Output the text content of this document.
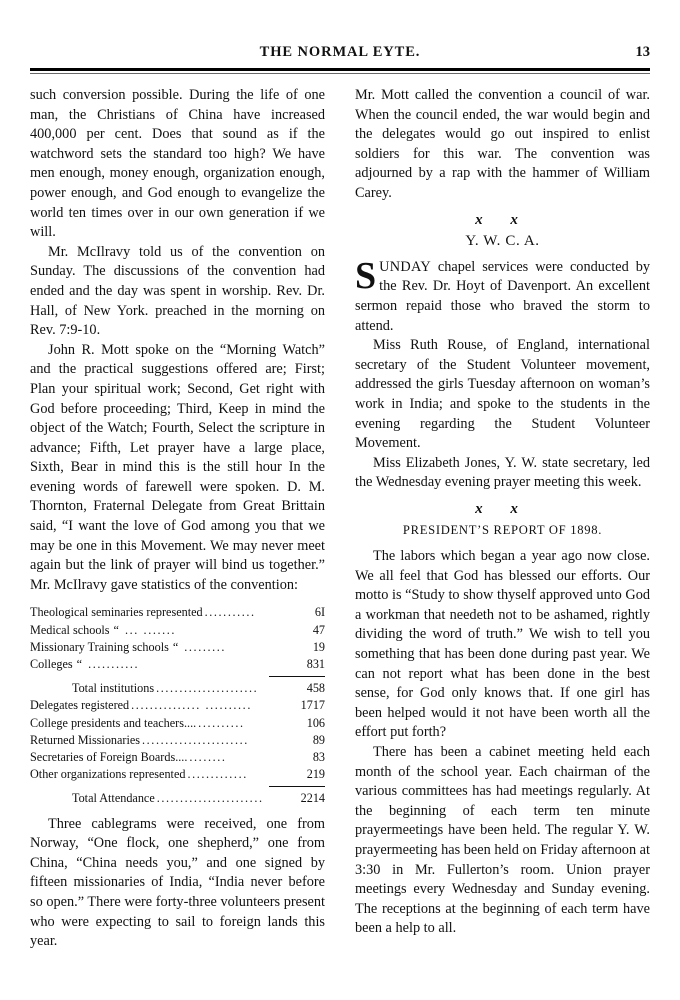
THE NORMAL EYTE.	13

such conversion possible. During the life of one man, the Christians of China have increased 400,000 per cent. Does that sound as if the watchword sets the standard too high? We have men enough, money enough, organization enough, power enough, and God enough to evangelize the world ten times over in our own generation if we will.

Mr. McIlravy told us of the convention on Sunday. The discussions of the convention had ended and the day was spent in worship. Rev. Dr. Hall, of New York. preached in the morning on Rev. 7:9-10.

John R. Mott spoke on the “Morning Watch” and the practical suggestions offered are; First; Plan your spiritual work; Second, Get right with God before proceeding; Third, Keep in mind the object of the Watch; Fourth, Select the scripture in advance; Fifth, Let prayer have a large place, Sixth, Bear in mind this is the still hour In the evening words of farewell were spoken. D. M. Thornton, Fraternal Delegate from Great Brittain said, “I want the love of God among you that we may be one in this Movement. We may never meet again but the link of prayer will bind us together.” Mr. McIlravy gave statistics of the convention:

Theological seminaries represented ...........	6I
Medical schools “ ... .......	47
Missionary Training schools “ .........	19
Colleges “ ...........	831
Total institutions ......................	458
Delegates registered ............... ..........	1717
College presidents and teachers.... ..........	106
Returned Missionaries .......................	89
Secretaries of Foreign Boards.... ........	83
Other organizations represented .............	219
Total Attendance .......................	2214

Three cablegrams were received, one from Norway, “One flock, one shepherd,” one from China, “China needs you,” and one signed by fifteen missionaries of India, “India never before so open.” There were forty-three volunteers present who were expecting to sail to foreign lands this year.

Mr. Mott called the convention a council of war. When the council ended, the war would begin and the delegates would go out inspired to enlist soldiers for this war. The convention was adjourned by a rap with the hammer of William Carey.

x x
Y. W. C. A.

SUNDAY chapel services were conducted by the Rev. Dr. Hoyt of Davenport. An excellent sermon repaid those who braved the storm to attend.

Miss Ruth Rouse, of England, international secretary of the Student Volunteer movement, addressed the girls Tuesday afternoon on woman’s work in India; and spoke to the students in the evening regarding the Student Volunteer Movement.

Miss Elizabeth Jones, Y. W. state secretary, led the Wednesday evening prayer meeting this week.

x x
PRESIDENT’S REPORT OF 1898.

The labors which began a year ago now close. We all feel that God has blessed our efforts. Our motto is “Study to show thyself approved unto God a workman that needeth not to be ashamed, rightly dividing the word of truth.” We wish to tell you something that has been done during past year. We can not report what has been done in the best sense, for God only knows that. If one girl has been helped would it not have been worth all the effort put forth?

There has been a cabinet meeting held each month of the school year. Each chairman of the various committees has had meetings regularly. At the beginning of each term ten minute prayermeetings have been held. The regular Y. W. prayermeeting has been held on Friday afternoon at 3:30 in Mr. Fullerton’s room. Union prayer meetings every Wednesday and Sunday evening. The receptions at the beginning of each term have been a help to all.
